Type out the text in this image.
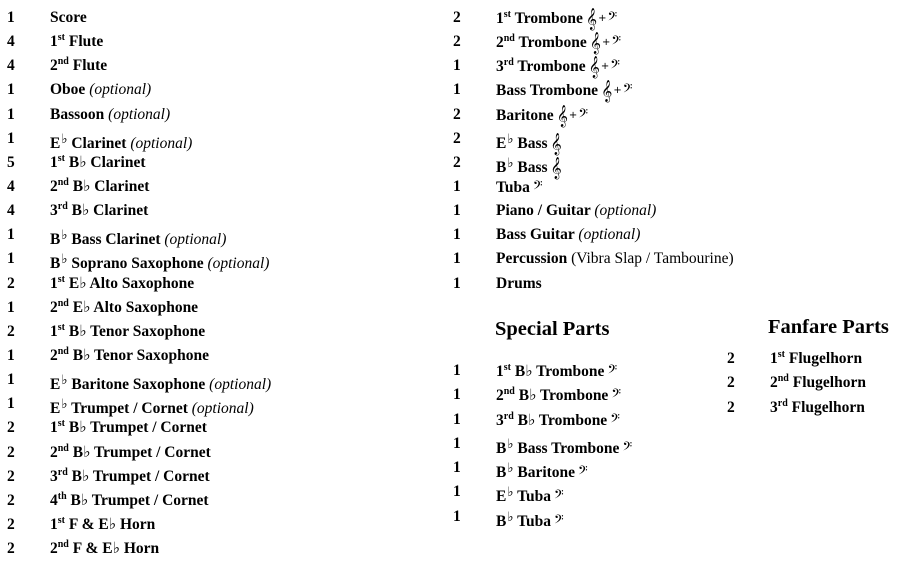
1	Score
4	1st Flute
4	2nd Flute
1	Oboe (optional)
1	Bassoon (optional)
1	E♭ Clarinet (optional)
5	1st B♭ Clarinet
4	2nd B♭ Clarinet
4	3rd B♭ Clarinet
1	B♭ Bass Clarinet (optional)
1	B♭ Soprano Saxophone (optional)
2	1st E♭ Alto Saxophone
1	2nd E♭ Alto Saxophone
2	1st B♭ Tenor Saxophone
1	2nd B♭ Tenor Saxophone
1	E♭ Baritone Saxophone (optional)
1	E♭ Trumpet / Cornet (optional)
2	1st B♭ Trumpet / Cornet
2	2nd B♭ Trumpet / Cornet
2	3rd B♭ Trumpet / Cornet
2	4th B♭ Trumpet / Cornet
2	1st F & E♭ Horn
2	2nd F & E♭ Horn
2	1st Trombone 𝄞+𝄢
2	2nd Trombone 𝄞+𝄢
1	3rd Trombone 𝄞+𝄢
1	Bass Trombone 𝄞+𝄢
2	Baritone 𝄞+𝄢
2	E♭ Bass 𝄞
2	B♭ Bass 𝄞
1	Tuba 𝄢
1	Piano / Guitar (optional)
1	Bass Guitar (optional)
1	Percussion (Vibra Slap / Tambourine)
1	Drums
Special Parts
1	1st B♭ Trombone 𝄢
1	2nd B♭ Trombone 𝄢
1	3rd B♭ Trombone 𝄢
1	B♭ Bass Trombone 𝄢
1	B♭ Baritone 𝄢
1	E♭ Tuba 𝄢
1	B♭ Tuba 𝄢
Fanfare Parts
2	1st Flugelhorn
2	2nd Flugelhorn
2	3rd Flugelhorn
